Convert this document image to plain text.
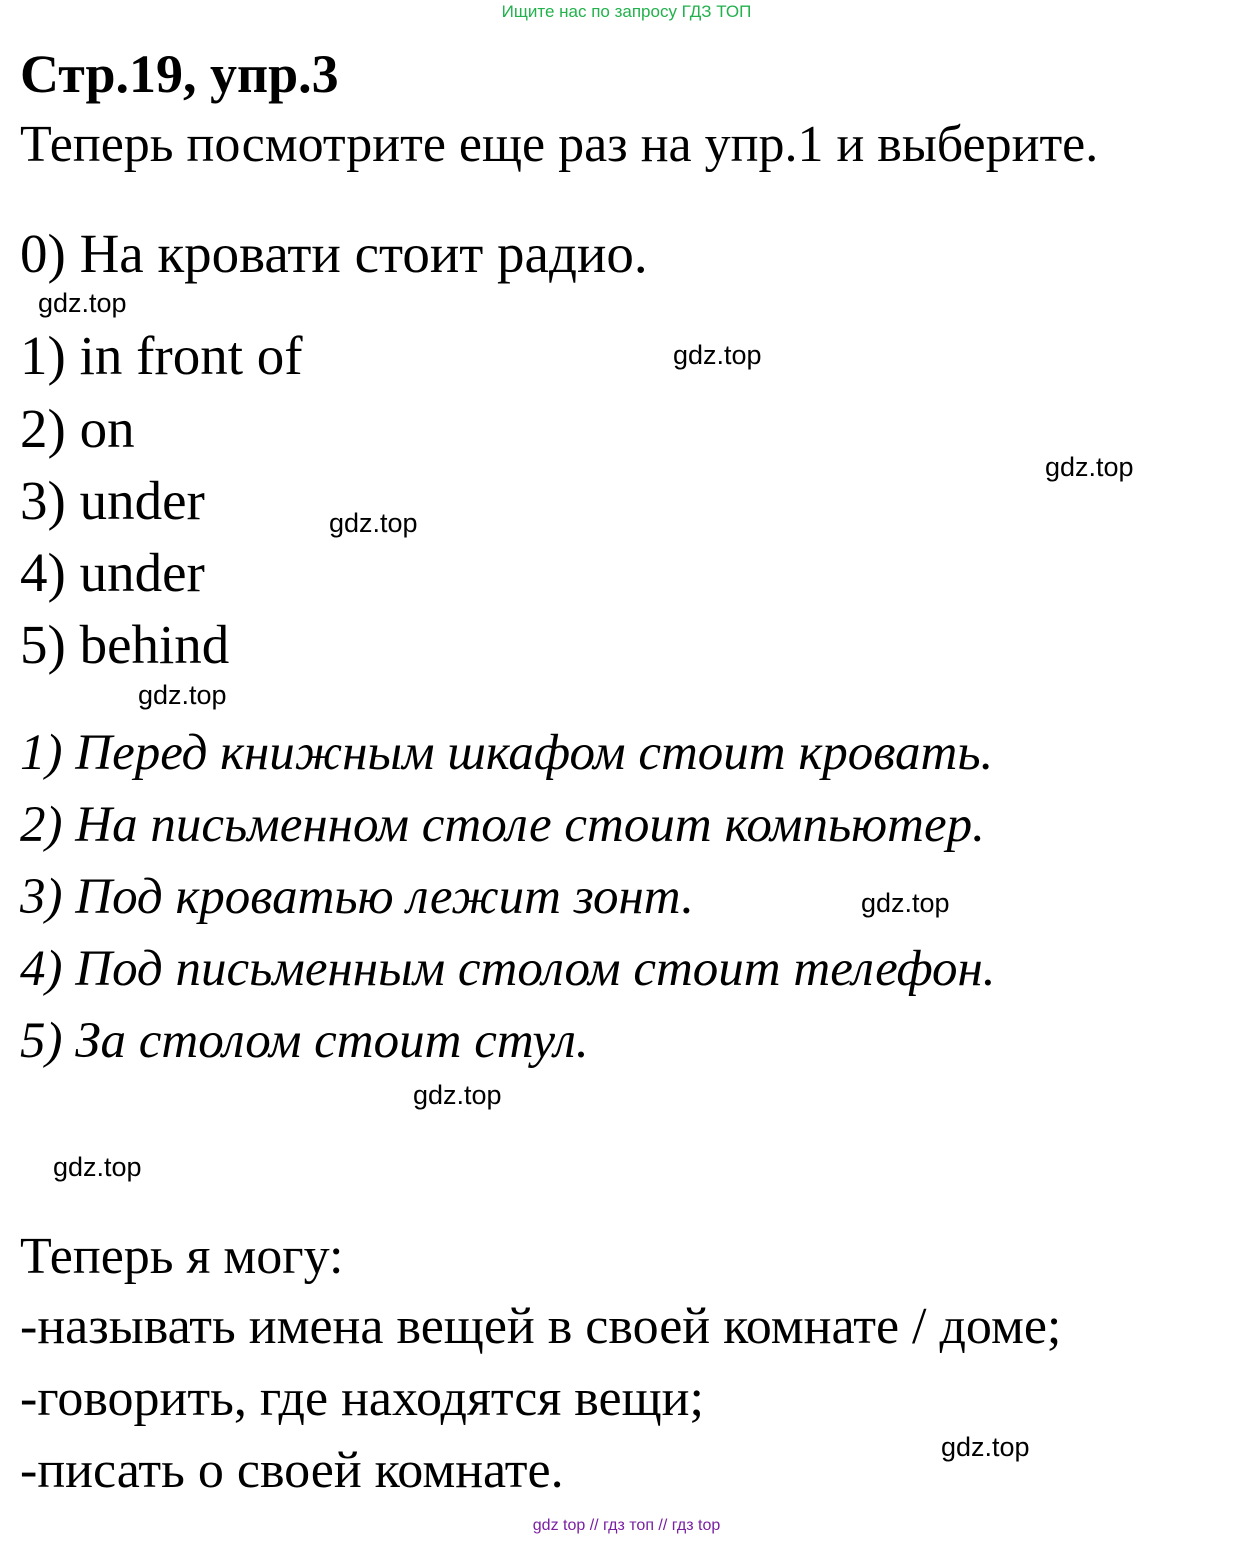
Ищите нас по запросу ГДЗ ТОП
Стр.19, упр.3
Теперь посмотрите еще раз на упр.1 и выберите.
0) На кровати стоит радио.
1) in front of
2) on
3) under
4) under
5) behind
1) Перед книжным шкафом стоит кровать.
2) На письменном столе стоит компьютер.
3) Под кроватью лежит зонт.
4) Под письменным столом стоит телефон.
5) За столом стоит стул.
Теперь я могу:
-называть имена вещей в своей комнате / доме;
-говорить, где находятся вещи;
-писать о своей комнате.
gdz.top
gdz.top
gdz.top
gdz.top
gdz.top
gdz.top
gdz.top
gdz.top
gdz.top
gdz top // гдз топ // гдз top
